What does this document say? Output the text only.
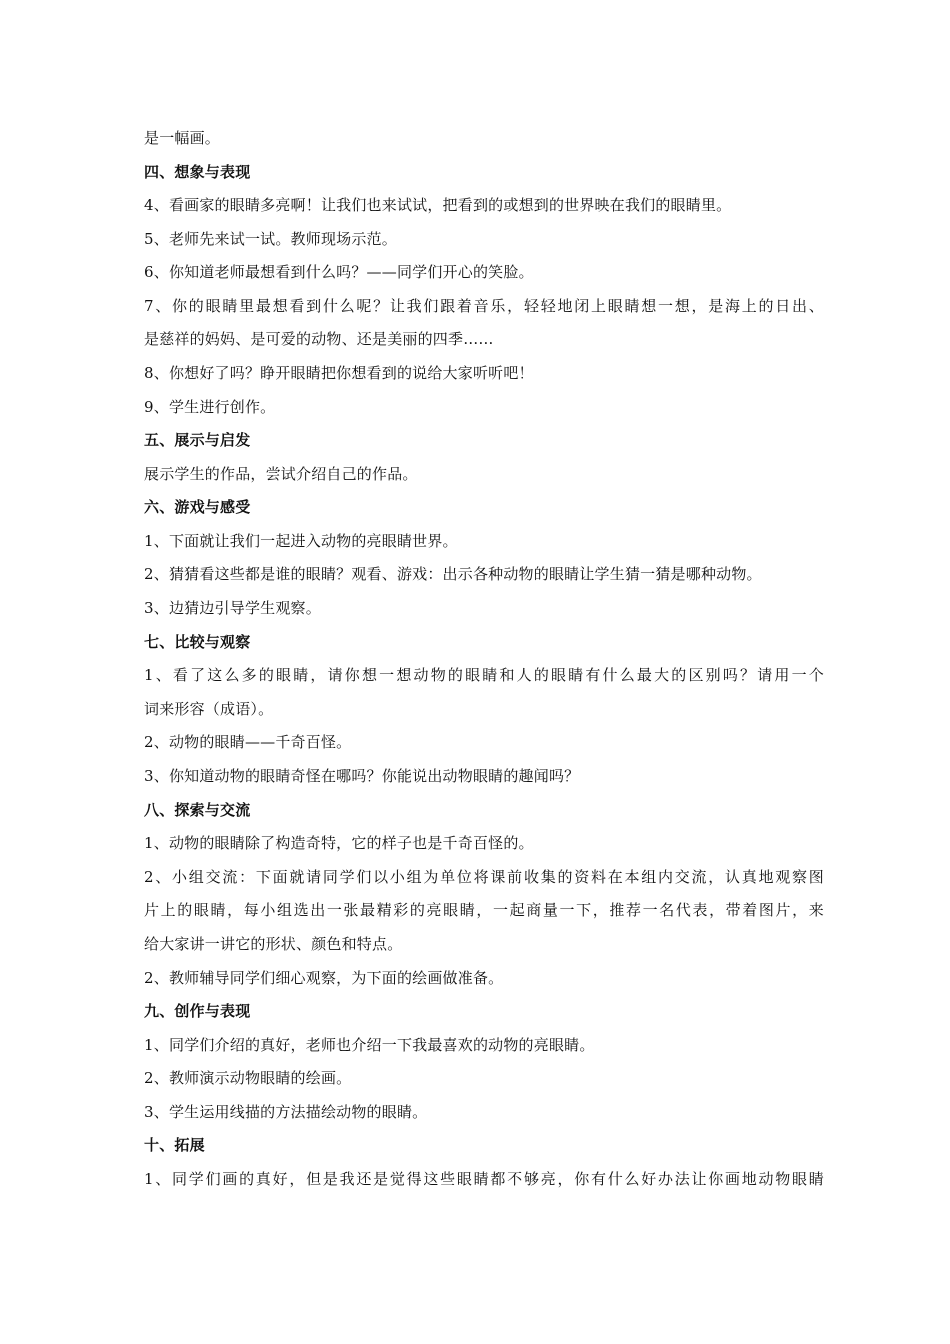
是一幅画。
四、想象与表现
4、看画家的眼睛多亮啊！让我们也来试试，把看到的或想到的世界映在我们的眼睛里。
5、老师先来试一试。教师现场示范。
6、你知道老师最想看到什么吗？——同学们开心的笑脸。
7、你的眼睛里最想看到什么呢？让我们跟着音乐，轻轻地闭上眼睛想一想，是海上的日出、
是慈祥的妈妈、是可爱的动物、还是美丽的四季……
8、你想好了吗？睁开眼睛把你想看到的说给大家听听吧！
9、学生进行创作。
五、展示与启发
展示学生的作品，尝试介绍自己的作品。
六、游戏与感受
1、下面就让我们一起进入动物的亮眼睛世界。
2、猜猜看这些都是谁的眼睛？观看、游戏：出示各种动物的眼睛让学生猜一猜是哪种动物。
3、边猜边引导学生观察。
七、比较与观察
1、看了这么多的眼睛，请你想一想动物的眼睛和人的眼睛有什么最大的区别吗？请用一个
词来形容（成语）。
2、动物的眼睛——千奇百怪。
3、你知道动物的眼睛奇怪在哪吗？你能说出动物眼睛的趣闻吗？
八、探索与交流
1、动物的眼睛除了构造奇特，它的样子也是千奇百怪的。
2、小组交流：下面就请同学们以小组为单位将课前收集的资料在本组内交流，认真地观察图
片上的眼睛，每小组选出一张最精彩的亮眼睛，一起商量一下，推荐一名代表，带着图片，来
给大家讲一讲它的形状、颜色和特点。
2、教师辅导同学们细心观察，为下面的绘画做准备。
九、创作与表现
1、同学们介绍的真好，老师也介绍一下我最喜欢的动物的亮眼睛。
2、教师演示动物眼睛的绘画。
3、学生运用线描的方法描绘动物的眼睛。
十、拓展
1、同学们画的真好，但是我还是觉得这些眼睛都不够亮，你有什么好办法让你画地动物眼睛
